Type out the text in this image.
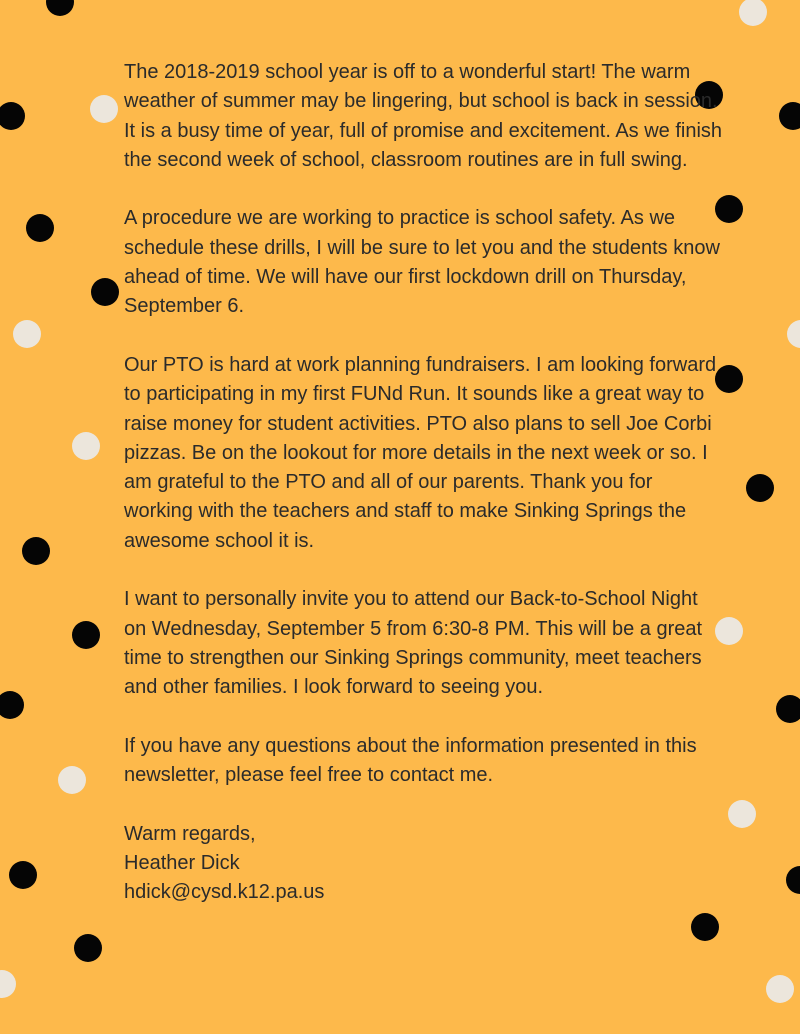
The 2018-2019 school year is off to a wonderful start! The warm weather of summer may be lingering, but school is back in session. It is a busy time of year, full of promise and excitement. As we finish the second week of school, classroom routines are in full swing.

A procedure we are working to practice is school safety. As we schedule these drills, I will be sure to let you and the students know ahead of time. We will have our first lockdown drill on Thursday, September 6.

Our PTO is hard at work planning fundraisers. I am looking forward to participating in my first FUNd Run. It sounds like a great way to raise money for student activities. PTO also plans to sell Joe Corbi pizzas. Be on the lookout for more details in the next week or so. I am grateful to the PTO and all of our parents. Thank you for working with the teachers and staff to make Sinking Springs the awesome school it is.

I want to personally invite you to attend our Back-to-School Night on Wednesday, September 5 from 6:30-8 PM. This will be a great time to strengthen our Sinking Springs community, meet teachers and other families. I look forward to seeing you.

If you have any questions about the information presented in this newsletter, please feel free to contact me.

Warm regards,
Heather Dick
hdick@cysd.k12.pa.us
